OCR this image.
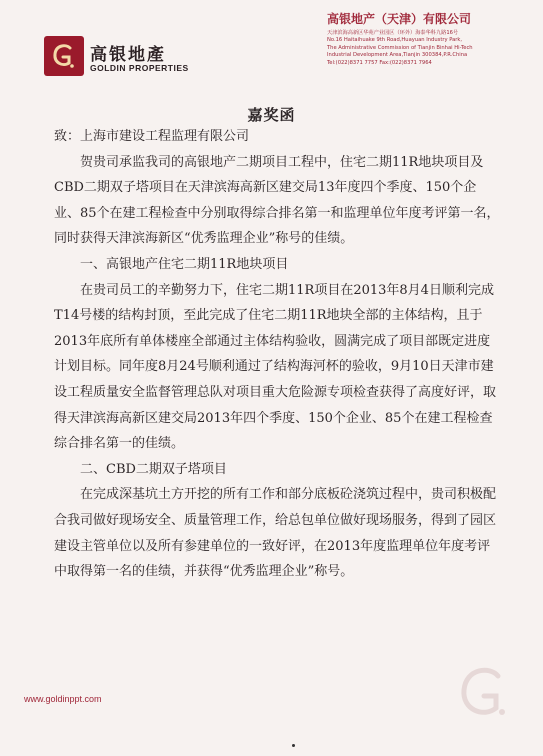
高银地產
GOLDIN PROPERTIES
高银地产（天津）有限公司
天津滨海高新区华苑产业园区（环外）海泰华科九路16号
No.16 Haitaihuake 9th Road,Huayuan Industry Park,
The Administrative Commission of Tianjin Binhai Hi-Tech
Industrial Development Area,Tianjin 300384,P.R.China
Tel:(022)8371 7757 Fax:(022)8371 7964
嘉奖函

致：上海市建设工程监理有限公司

贺贵司承监我司的高银地产二期项目工程中，住宅二期11R地块项目及CBD二期双子塔项目在天津滨海高新区建交局13年度四个季度、150个企业、85个在建工程检查中分别取得综合排名第一和监理单位年度考评第一名，同时获得天津滨海新区“优秀监理企业”称号的佳绩。

一、高银地产住宅二期11R地块项目

在贵司员工的辛勤努力下，住宅二期11R项目在2013年8月4日顺利完成T14号楼的结构封顶，至此完成了住宅二期11R地块全部的主体结构，且于2013年底所有单体楼座全部通过主体结构验收，圆满完成了项目部既定进度计划目标。同年度8月24号顺利通过了结构海河杯的验收，9月10日天津市建设工程质量安全监督管理总队对项目重大危险源专项检查获得了高度好评，取得天津滨海高新区建交局2013年四个季度、150个企业、85个在建工程检查综合排名第一的佳绩。

二、CBD二期双子塔项目

在完成深基坑土方开挖的所有工作和部分底板砼浇筑过程中，贵司积极配合我司做好现场安全、质量管理工作，给总包单位做好现场服务，得到了园区建设主管单位以及所有参建单位的一致好评，在2013年度监理单位年度考评中取得第一名的佳绩，并获得“优秀监理企业”称号。

www.goldinppt.com
